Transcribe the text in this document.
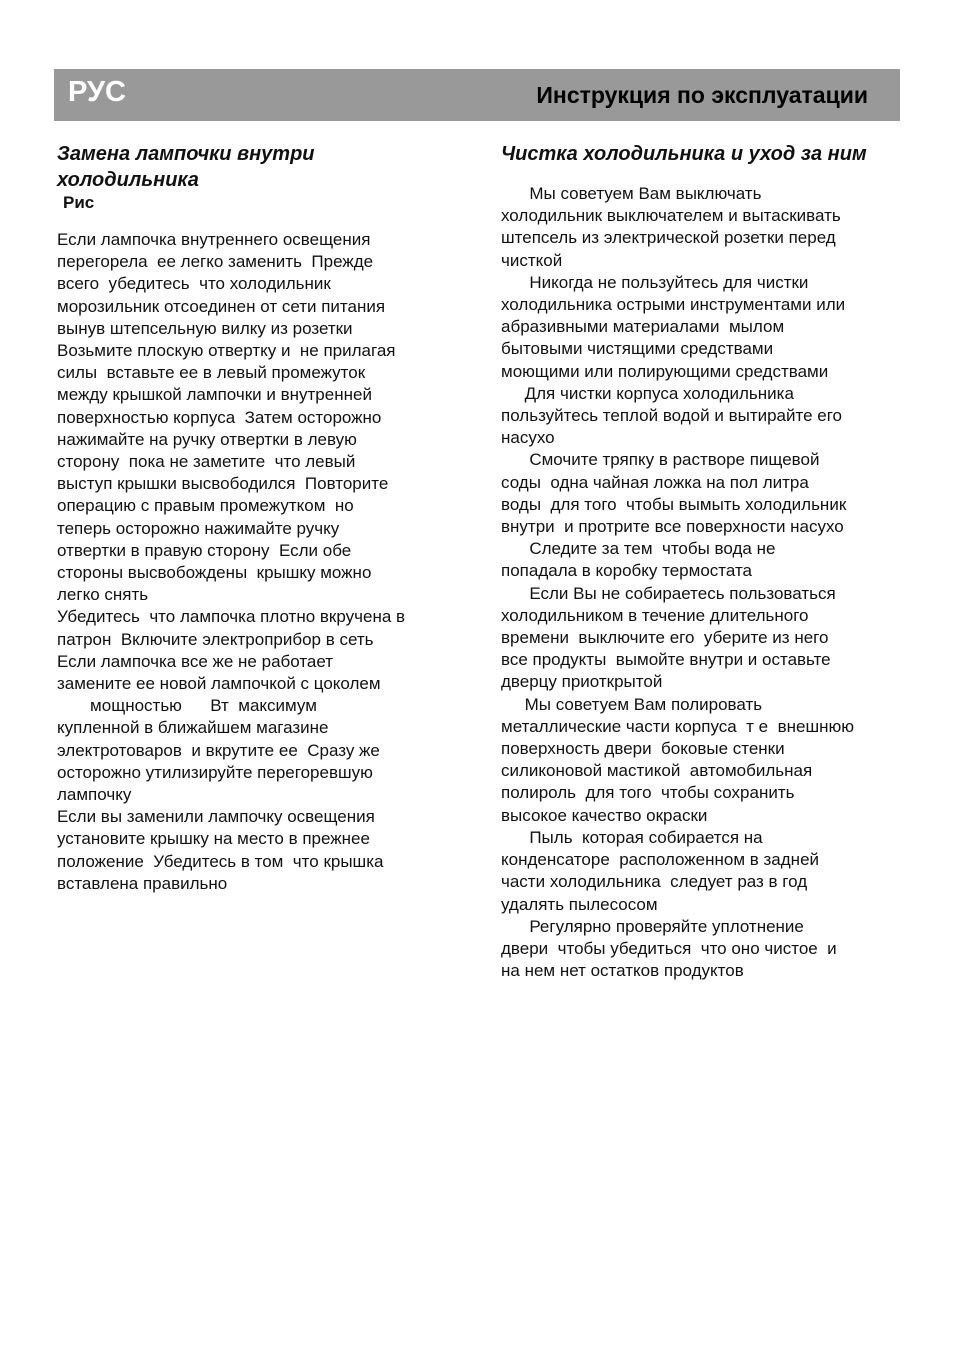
РУС	Инструкция по эксплуатации
Замена лампочки внутри холодильника
Рис
Если лампочка внутреннего освещения
перегорела  ее легко заменить  Прежде
всего  убедитесь  что холодильник
морозильник отсоединен от сети питания
вынув штепсельную вилку из розетки
Возьмите плоскую отвертку и  не прилагая
силы  вставьте ее в левый промежуток
между крышкой лампочки и внутренней
поверхностью корпуса  Затем осторожно
нажимайте на ручку отвертки в левую
сторону  пока не заметите  что левый
выступ крышки высвободился  Повторите
операцию с правым промежутком  но
теперь осторожно нажимайте ручку
отвертки в правую сторону  Если обе
стороны высвобождены  крышку можно
легко снять
Убедитесь  что лампочка плотно вкручена в
патрон  Включите электроприбор в сеть
Если лампочка все же не работает
замените ее новой лампочкой с цоколем
мощностью      Вт  максимум
купленной в ближайшем магазине
электротоваров  и вкрутите ее  Сразу же
осторожно утилизируйте перегоревшую
лампочку
Если вы заменили лампочку освещения
установите крышку на место в прежнее
положение  Убедитесь в том  что крышка
вставлена правильно
Чистка холодильника и уход за ним
Мы советуем Вам выключать
холодильник выключателем и вытаскивать
штепсель из электрической розетки перед
чисткой
Никогда не пользуйтесь для чистки
холодильника острыми инструментами или
абразивными материалами  мылом
бытовыми чистящими средствами
моющими или полирующими средствами
Для чистки корпуса холодильника
пользуйтесь теплой водой и вытирайте его
насухо
Смочите тряпку в растворе пищевой
соды  одна чайная ложка на пол литра
воды  для того  чтобы вымыть холодильник
внутри  и протрите все поверхности насухо
Следите за тем  чтобы вода не
попадала в коробку термостата
Если Вы не собираетесь пользоваться
холодильником в течение длительного
времени  выключите его  уберите из него
все продукты  вымойте внутри и оставьте
дверцу приоткрытой
Мы советуем Вам полировать
металлические части корпуса  т е  внешнюю
поверхность двери  боковые стенки
силиконовой мастикой  автомобильная
полироль  для того  чтобы сохранить
высокое качество окраски
Пыль  которая собирается на
конденсаторе  расположенном в задней
части холодильника  следует раз в год
удалять пылесосом
Регулярно проверяйте уплотнение
двери  чтобы убедиться  что оно чистое  и
на нем нет остатков продуктов
